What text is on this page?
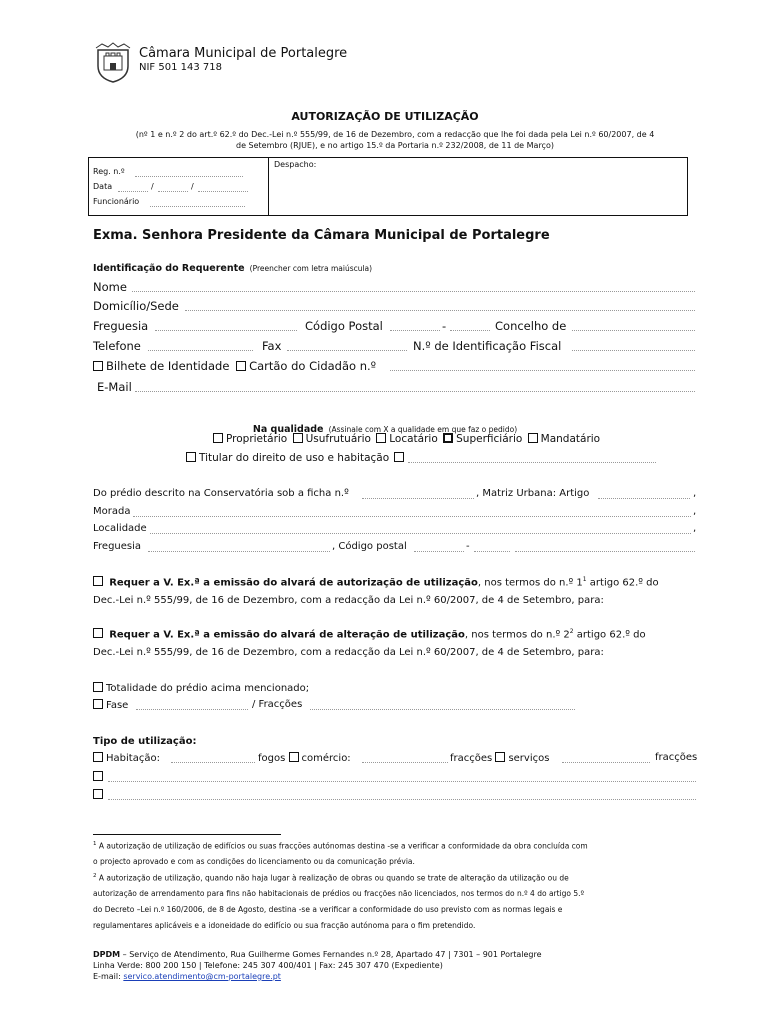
Câmara Municipal de Portalegre
NIF 501 143 718
AUTORIZAÇÃO DE UTILIZAÇÃO
(nº 1 e n.º 2 do art.º 62.º do Dec.-Lei n.º 555/99, de 16 de Dezembro, com a redacção que lhe foi dada pela Lei n.º 60/2007, de 4
de Setembro (RJUE), e no artigo 15.º da Portaria n.º 232/2008, de 11 de Março)
Reg. n.º
Data	/	/
Funcionário
Despacho:
Exma. Senhora Presidente da Câmara Municipal de Portalegre
Identificação do Requerente (Preencher com letra maiúscula)
Nome
Domicílio/Sede
Freguesia	Código Postal	-	Concelho de
Telefone	Fax	N.º de Identificação Fiscal
Bilhete de Identidade Cartão do Cidadão n.º
E-Mail
Na qualidade (Assinale com X a qualidade em que faz o pedido)
Proprietário Usufrutuário Locatário Superficiário Mandatário
Titular do direito de uso e habitação
Do prédio descrito na Conservatória sob a ficha n.º	, Matriz Urbana: Artigo	,
Morada	,
Localidade	,
Freguesia	, Código postal	-
Requer a V. Ex.ª a emissão do alvará de autorização de utilização, nos termos do n.º $1^1$ artigo 62.º do
Dec.-Lei n.º 555/99, de 16 de Dezembro, com a redacção da Lei n.º 60/2007, de 4 de Setembro, para:
Requer a V. Ex.ª a emissão do alvará de alteração de utilização, nos termos do n.º $2^2$ artigo 62.º do
Dec.-Lei n.º 555/99, de 16 de Dezembro, com a redacção da Lei n.º 60/2007, de 4 de Setembro, para:
Totalidade do prédio acima mencionado;
Fase	/ Fracções
Tipo de utilização:
Habitação:	fogos comércio:	fracções serviços	fracções
$^1$ A autorização de utilização de edifícios ou suas fracções autónomas destina -se a verificar a conformidade da obra concluída com
o projecto aprovado e com as condições do licenciamento ou da comunicação prévia.
$^2$ A autorização de utilização, quando não haja lugar à realização de obras ou quando se trate de alteração da utilização ou de
autorização de arrendamento para fins não habitacionais de prédios ou fracções não licenciados, nos termos do n.º 4 do artigo 5.º
do Decreto –Lei n.º 160/2006, de 8 de Agosto, destina -se a verificar a conformidade do uso previsto com as normas legais e
regulamentares aplicáveis e a idoneidade do edifício ou sua fracção autónoma para o fim pretendido.
DPDM – Serviço de Atendimento, Rua Guilherme Gomes Fernandes n.º 28, Apartado 47 | 7301 – 901 Portalegre
Linha Verde: 800 200 150 | Telefone: 245 307 400/401 | Fax: 245 307 470 (Expediente)
E-mail: servico.atendimento@cm-portalegre.pt
